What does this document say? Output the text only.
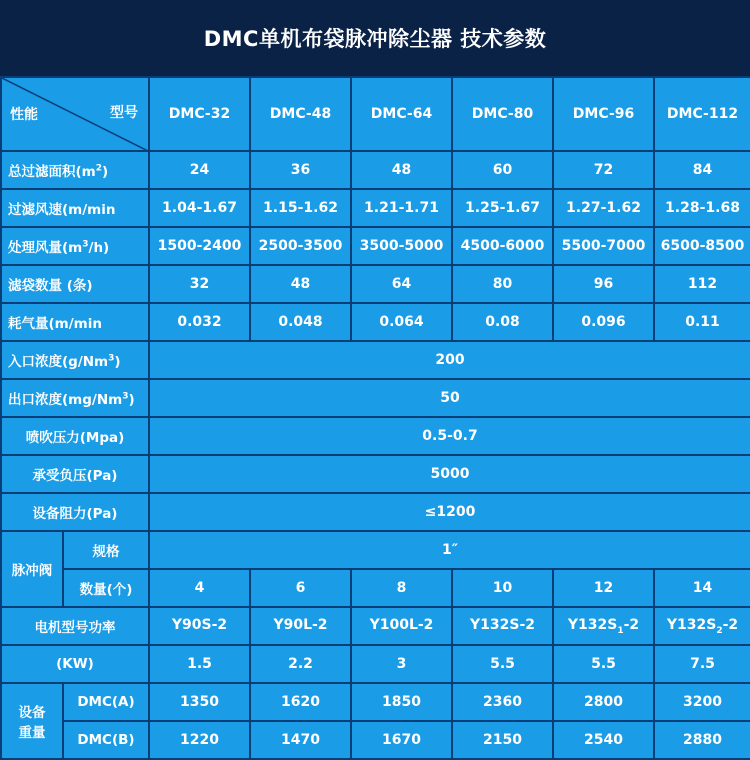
DMC单机布袋脉冲除尘器 技术参数
性能 型号		DMC-32	DMC-48	DMC-64	DMC-80	DMC-96	DMC-112
总过滤面积$(m^2)$		24	36	48	60	72	84
过滤风速(m/min		1.04-1.67	1.15-1.62	1.21-1.71	1.25-1.67	1.27-1.62	1.28-1.68
处理风量$(m^3/h)$		1500-2400	2500-3500	3500-5000	4500-6000	5500-7000	6500-8500
滤袋数量 (条)		32	48	64	80	96	112
耗气量(m/min		0.032	0.048	0.064	0.08	0.096	0.11
入口浓度(g/Nm$^3$)		200					
出口浓度(mg/Nm$^3$)		50					
喷吹压力(Mpa)		0.5-0.7					
承受负压(Pa)		5000					
设备阻力(Pa)		≤1200					
脉冲阀	规格	1″					
	数量(个)	4	6	8	10	12	14
电机型号功率		Y90S-2	Y90L-2	Y100L-2	Y132S-2	$Y132S_1-2$	$Y132S_2-2$
(KW)		1.5	2.2	3	5.5	5.5	7.5

设备
重量	DMC(A)	1350	1620	1850	2360	2800	3200
	DMC(B)	1220	1470	1670	2150	2540	2880
